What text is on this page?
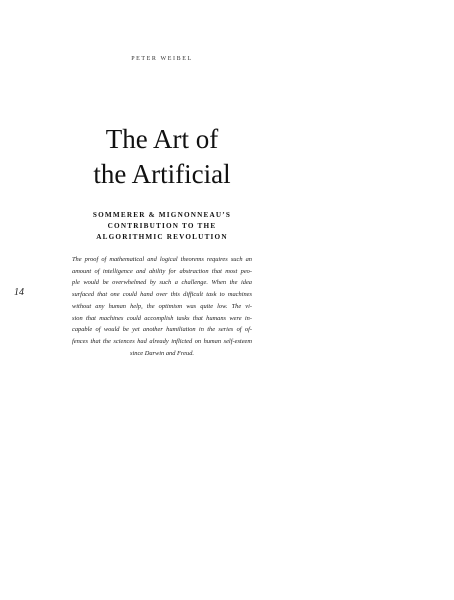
PETER WEIBEL
The Art of
the Artificial
SOMMERER & MIGNONNEAU’S
CONTRIBUTION TO THE
ALGORITHMIC REVOLUTION
The proof of mathematical and logical theorems requires such an
amount of intelligence and ability for abstraction that most peo-
ple would be overwhelmed by such a challenge. When the idea
surfaced that one could hand over this difficult task to machines
without any human help, the optimism was quite low. The vi-
sion that machines could accomplish tasks that humans were in-
capable of would be yet another humiliation in the series of of-
fences that the sciences had already inflicted on human self-esteem
since Darwin and Freud.
14
